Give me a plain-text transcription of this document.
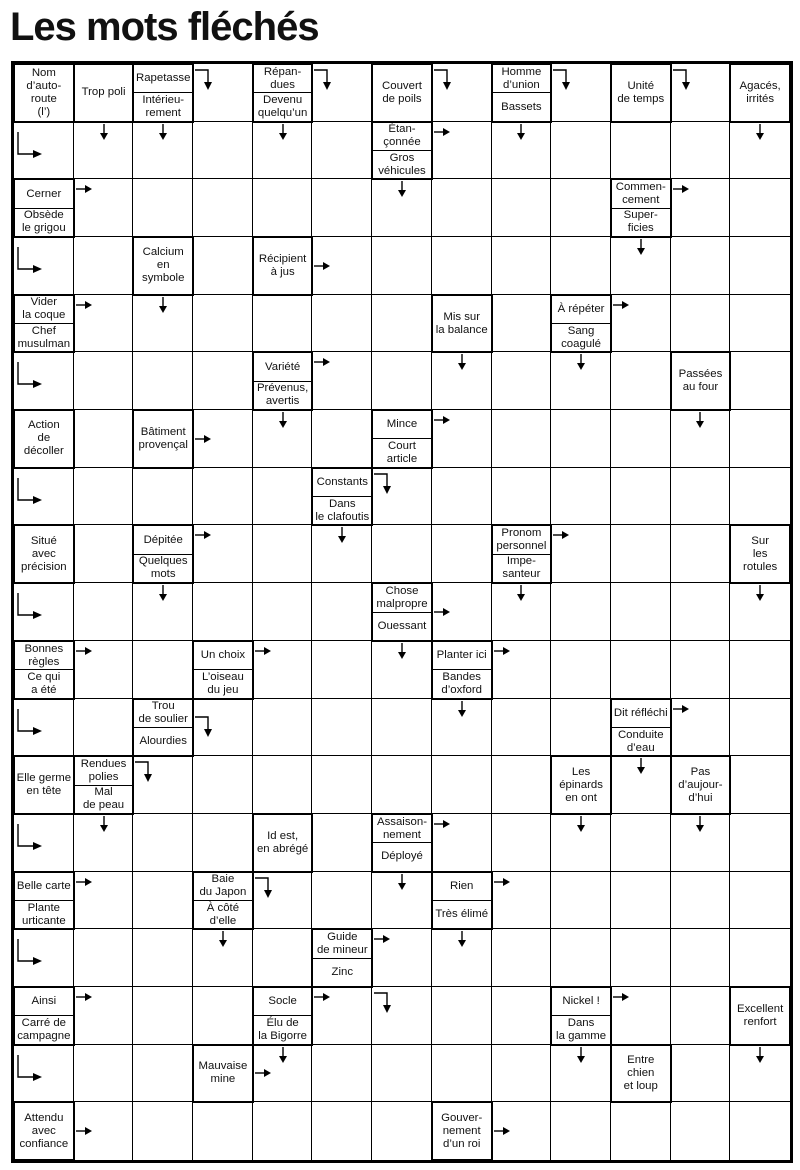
Les mots fléchés
Nom
d’auto-
route
(l’)
Trop poli
Rapetasse
Intérieu-
rement
Répan-
dues
Devenu
quelqu’un
Couvert
de poils
Homme
d’union
Bassets
Unité
de temps
Agacés,
irrités
Étan-
çonnée
Gros
véhicules
Cerner
Obsède
le grigou
Commen-
cement
Super-
ficies
Calcium
en
symbole
Récipient
à jus
Vider
la coque
Chef
musulman
Mis sur
la balance
À répéter
Sang
coagulé
Variété
Prévenus,
avertis
Passées
au four
Action
de
décoller
Bâtiment
provençal
Mince
Court
article
Constants
Dans
le clafoutis
Situé
avec
précision
Dépitée
Quelques
mots
Pronom
personnel
Impe-
santeur
Sur
les
rotules
Chose
malpropre
Ouessant
Bonnes
règles
Ce qui
a été
Un choix
L’oiseau
du jeu
Planter ici
Bandes
d’oxford
Trou
de soulier
Alourdies
Dit réfléchi
Conduite
d’eau
Elle germe
en tête
Rendues
polies
Mal
de peau
Les
épinards
en ont
Pas
d’aujour-
d’hui
Id est,
en abrégé
Assaison-
nement
Déployé
Belle carte
Plante
urticante
Baie
du Japon
À côté
d’elle
Rien
Très élimé
Guide
de mineur
Zinc
Ainsi
Carré de
campagne
Socle
Élu de
la Bigorre
Nickel !
Dans
la gamme
Excellent
renfort
Mauvaise
mine
Entre
chien
et loup
Attendu
avec
confiance
Gouver-
nement
d’un roi
